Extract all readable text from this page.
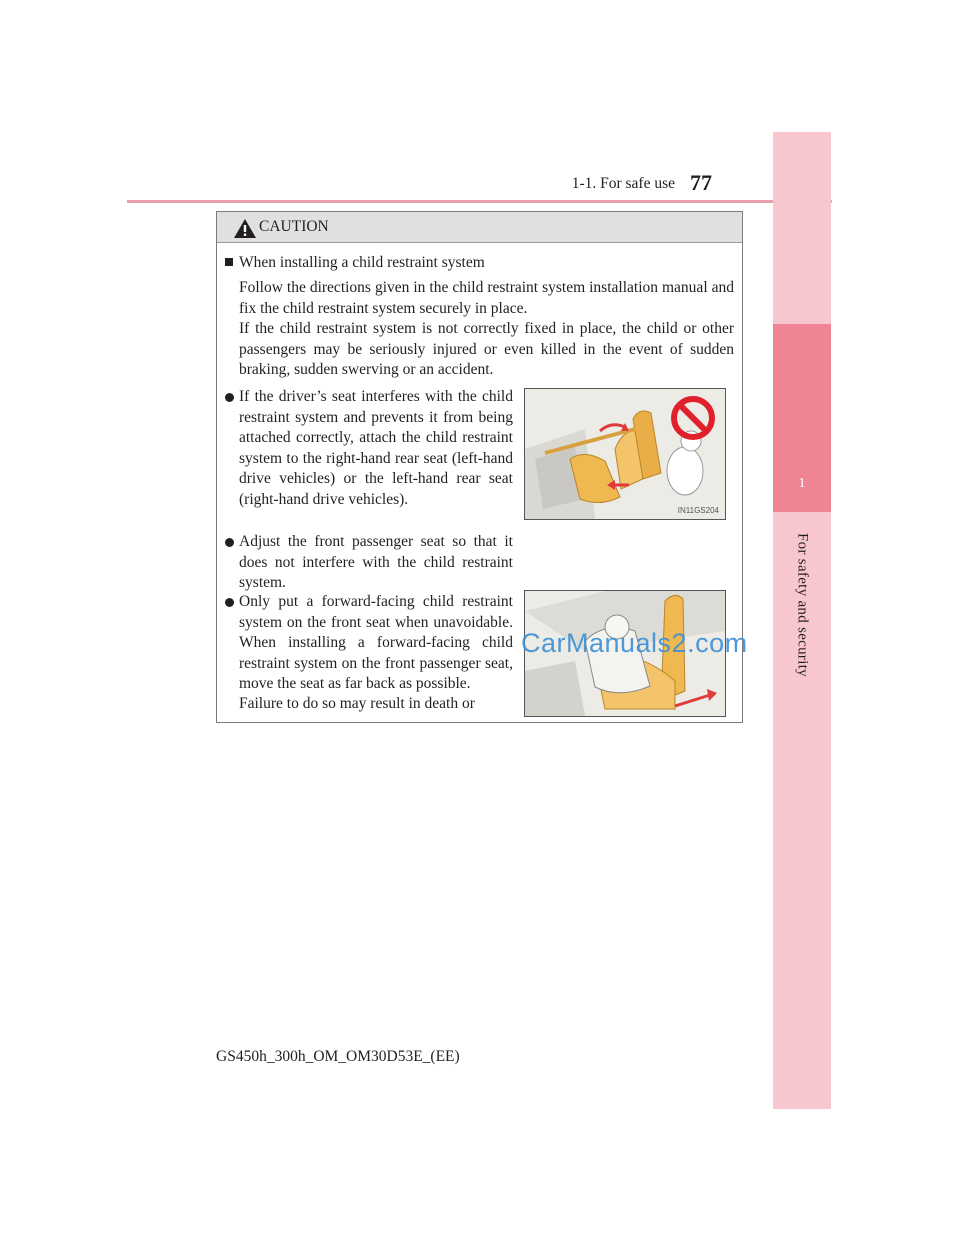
1-1. For safe use 77
1
For safety and security
CAUTION
When installing a child restraint system

Follow the directions given in the child restraint system installation manual and fix the child restraint system securely in place.

If the child restraint system is not correctly fixed in place, the child or other passengers may be seriously injured or even killed in the event of sudden braking, sudden swerving or an accident.

If the driver’s seat interferes with the child restraint system and prevents it from being attached correctly, attach the child restraint system to the right-hand rear seat (left-hand drive vehicles) or the left-hand rear seat (right-hand drive vehicles).
Adjust the front passenger seat so that it does not interfere with the child restraint system.
Only put a forward-facing child restraint system on the front seat when unavoidable. When installing a forward-facing child restraint system on the front passenger seat, move the seat as far back as possible.
Failure to do so may result in death or
IN11GS204
CarManuals2.com
GS450h_300h_OM_OM30D53E_(EE)
